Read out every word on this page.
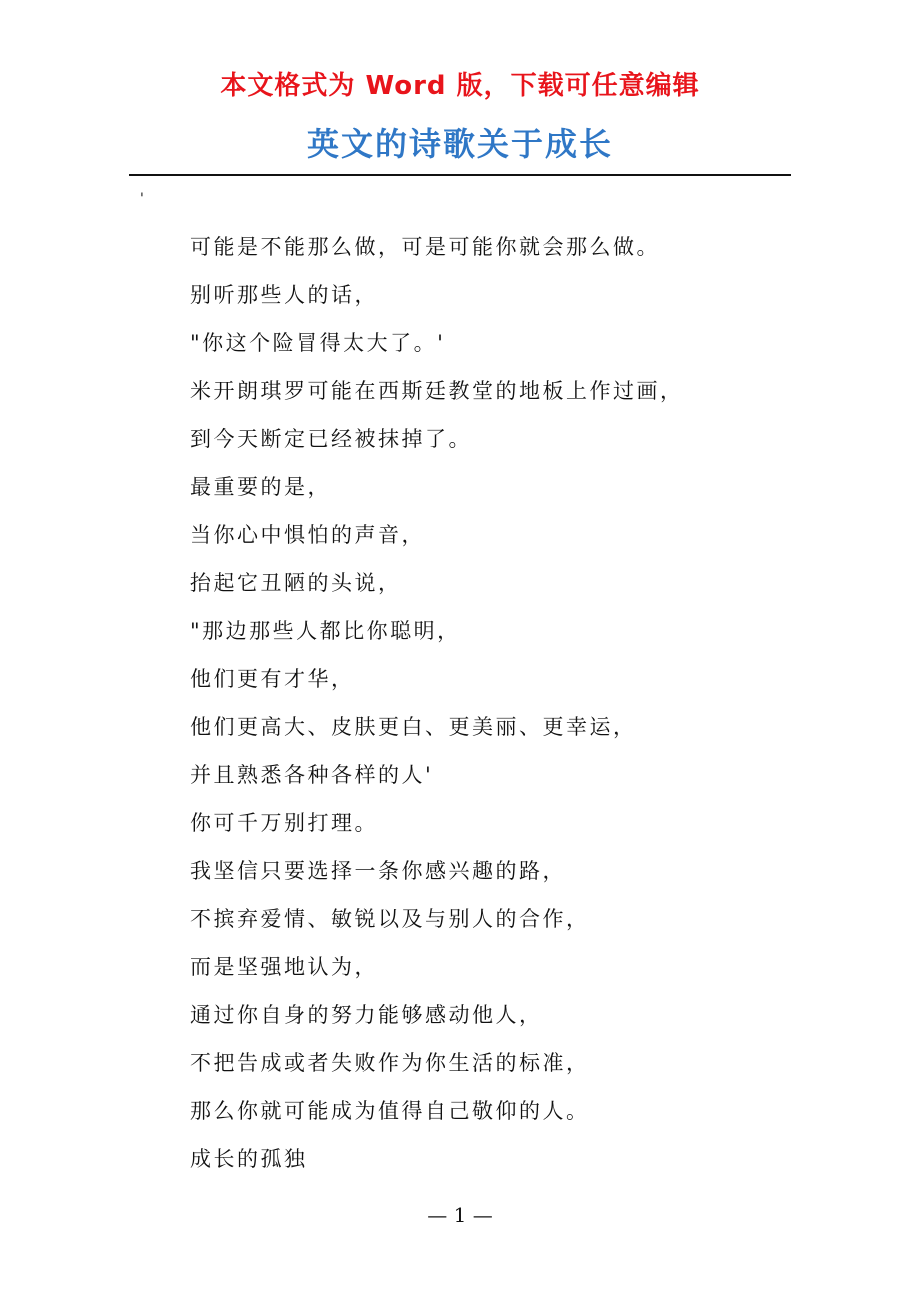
本文格式为 Word 版，下载可任意编辑
英文的诗歌关于成长
'
可能是不能那么做，可是可能你就会那么做。
别听那些人的话，
"你这个险冒得太大了。'
米开朗琪罗可能在西斯廷教堂的地板上作过画，
到今天断定已经被抹掉了。
最重要的是，
当你心中惧怕的声音，
抬起它丑陋的头说，
"那边那些人都比你聪明，
他们更有才华，
他们更高大、皮肤更白、更美丽、更幸运，
并且熟悉各种各样的人'
你可千万别打理。
我坚信只要选择一条你感兴趣的路，
不摈弃爱情、敏锐以及与别人的合作，
而是坚强地认为，
通过你自身的努力能够感动他人，
不把告成或者失败作为你生活的标准，
那么你就可能成为值得自己敬仰的人。
成长的孤独
— 1 —
